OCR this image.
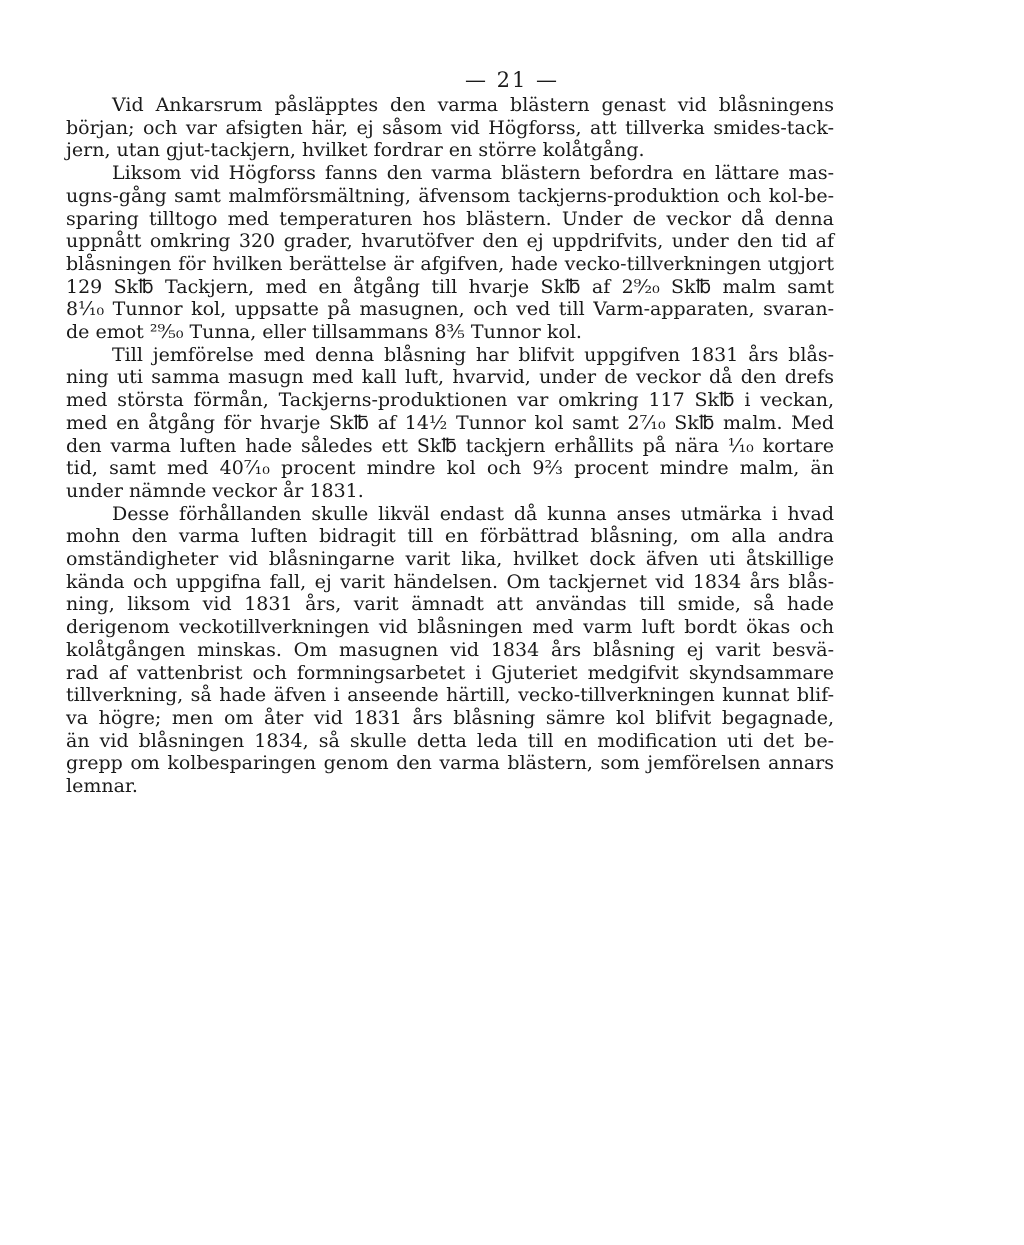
— 21 —
Vid Ankarsrum påsläpptes den varma blästern genast vid blåsningens
början; och var afsigten här, ej såsom vid Högforss, att tillverka smides-tack-
jern, utan gjut-tackjern, hvilket fordrar en större kolåtgång.
Liksom vid Högforss fanns den varma blästern befordra en lättare mas-
ugns-gång samt malmförsmältning, äfvensom tackjerns-produktion och kol-be-
sparing tilltogo med temperaturen hos blästern. Under de veckor då denna
uppnått omkring 320 grader, hvarutöfver den ej uppdrifvits, under den tid af
blåsningen för hvilken berättelse är afgifven, hade vecko-tillverkningen utgjort
129 Sk℔ Tackjern, med en åtgång till hvarje Sk℔ af 2⁹⁄₂₀ Sk℔ malm samt
8¹⁄₁₀ Tunnor kol, uppsatte på masugnen, och ved till Varm-apparaten, svaran-
de emot ²⁹⁄₅₀ Tunna, eller tillsammans 8³⁄₅ Tunnor kol.
Till jemförelse med denna blåsning har blifvit uppgifven 1831 års blås-
ning uti samma masugn med kall luft, hvarvid, under de veckor då den drefs
med största förmån, Tackjerns-produktionen var omkring 117 Sk℔ i veckan,
med en åtgång för hvarje Sk℔ af 14½ Tunnor kol samt 2⁷⁄₁₀ Sk℔ malm. Med
den varma luften hade således ett Sk℔ tackjern erhållits på nära ¹⁄₁₀ kortare
tid, samt med 40⁷⁄₁₀ procent mindre kol och 9²⁄₃ procent mindre malm, än
under nämnde veckor år 1831.
Desse förhållanden skulle likväl endast då kunna anses utmärka i hvad
mohn den varma luften bidragit till en förbättrad blåsning, om alla andra
omständigheter vid blåsningarne varit lika, hvilket dock äfven uti åtskillige
kända och uppgifna fall, ej varit händelsen. Om tackjernet vid 1834 års blås-
ning, liksom vid 1831 års, varit ämnadt att användas till smide, så hade
derigenom veckotillverkningen vid blåsningen med varm luft bordt ökas och
kolåtgången minskas. Om masugnen vid 1834 års blåsning ej varit besvä-
rad af vattenbrist och formningsarbetet i Gjuteriet medgifvit skyndsammare
tillverkning, så hade äfven i anseende härtill, vecko-tillverkningen kunnat blif-
va högre; men om åter vid 1831 års blåsning sämre kol blifvit begagnade,
än vid blåsningen 1834, så skulle detta leda till en modification uti det be-
grepp om kolbesparingen genom den varma blästern, som jemförelsen annars
lemnar.
